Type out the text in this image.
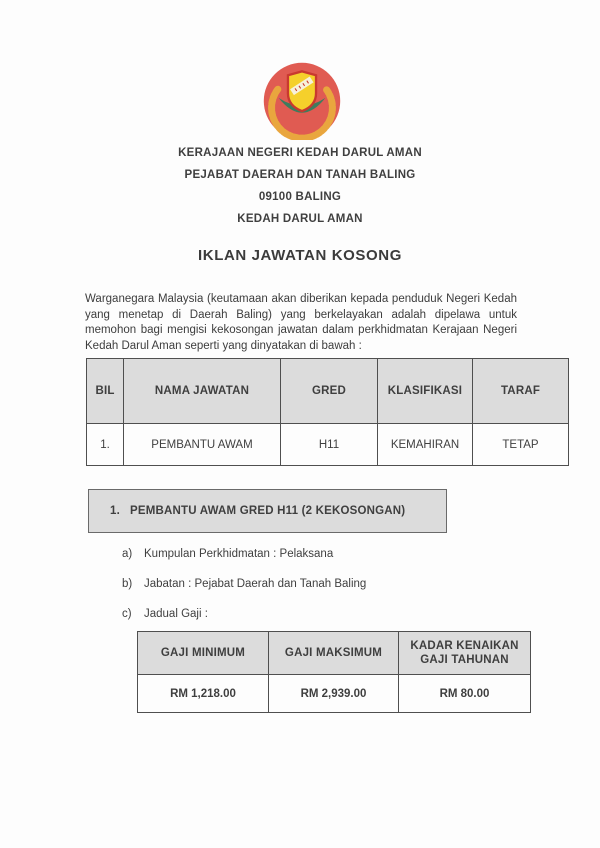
KERAJAAN NEGERI KEDAH DARUL AMAN
PEJABAT DAERAH DAN TANAH BALING
09100 BALING
KEDAH DARUL AMAN
IKLAN JAWATAN KOSONG

Warganegara Malaysia (keutamaan akan diberikan kepada penduduk Negeri Kedah yang menetap di Daerah Baling) yang berkelayakan adalah dipelawa untuk memohon bagi mengisi kekosongan jawatan dalam perkhidmatan Kerajaan Negeri Kedah Darul Aman seperti yang dinyatakan di bawah :

BIL	NAMA JAWATAN	GRED	KLASIFIKASI	TARAF
1.	PEMBANTU AWAM	H11	KEMAHIRAN	TETAP
1. PEMBANTU AWAM GRED H11 (2 KEKOSONGAN)
a)	Kumpulan Perkhidmatan : Pelaksana
b)	Jabatan : Pejabat Daerah dan Tanah Baling
c)	Jadual Gaji :
GAJI MINIMUM	GAJI MAKSIMUM	KADAR KENAIKAN GAJI TAHUNAN
RM 1,218.00	RM 2,939.00	RM 80.00
